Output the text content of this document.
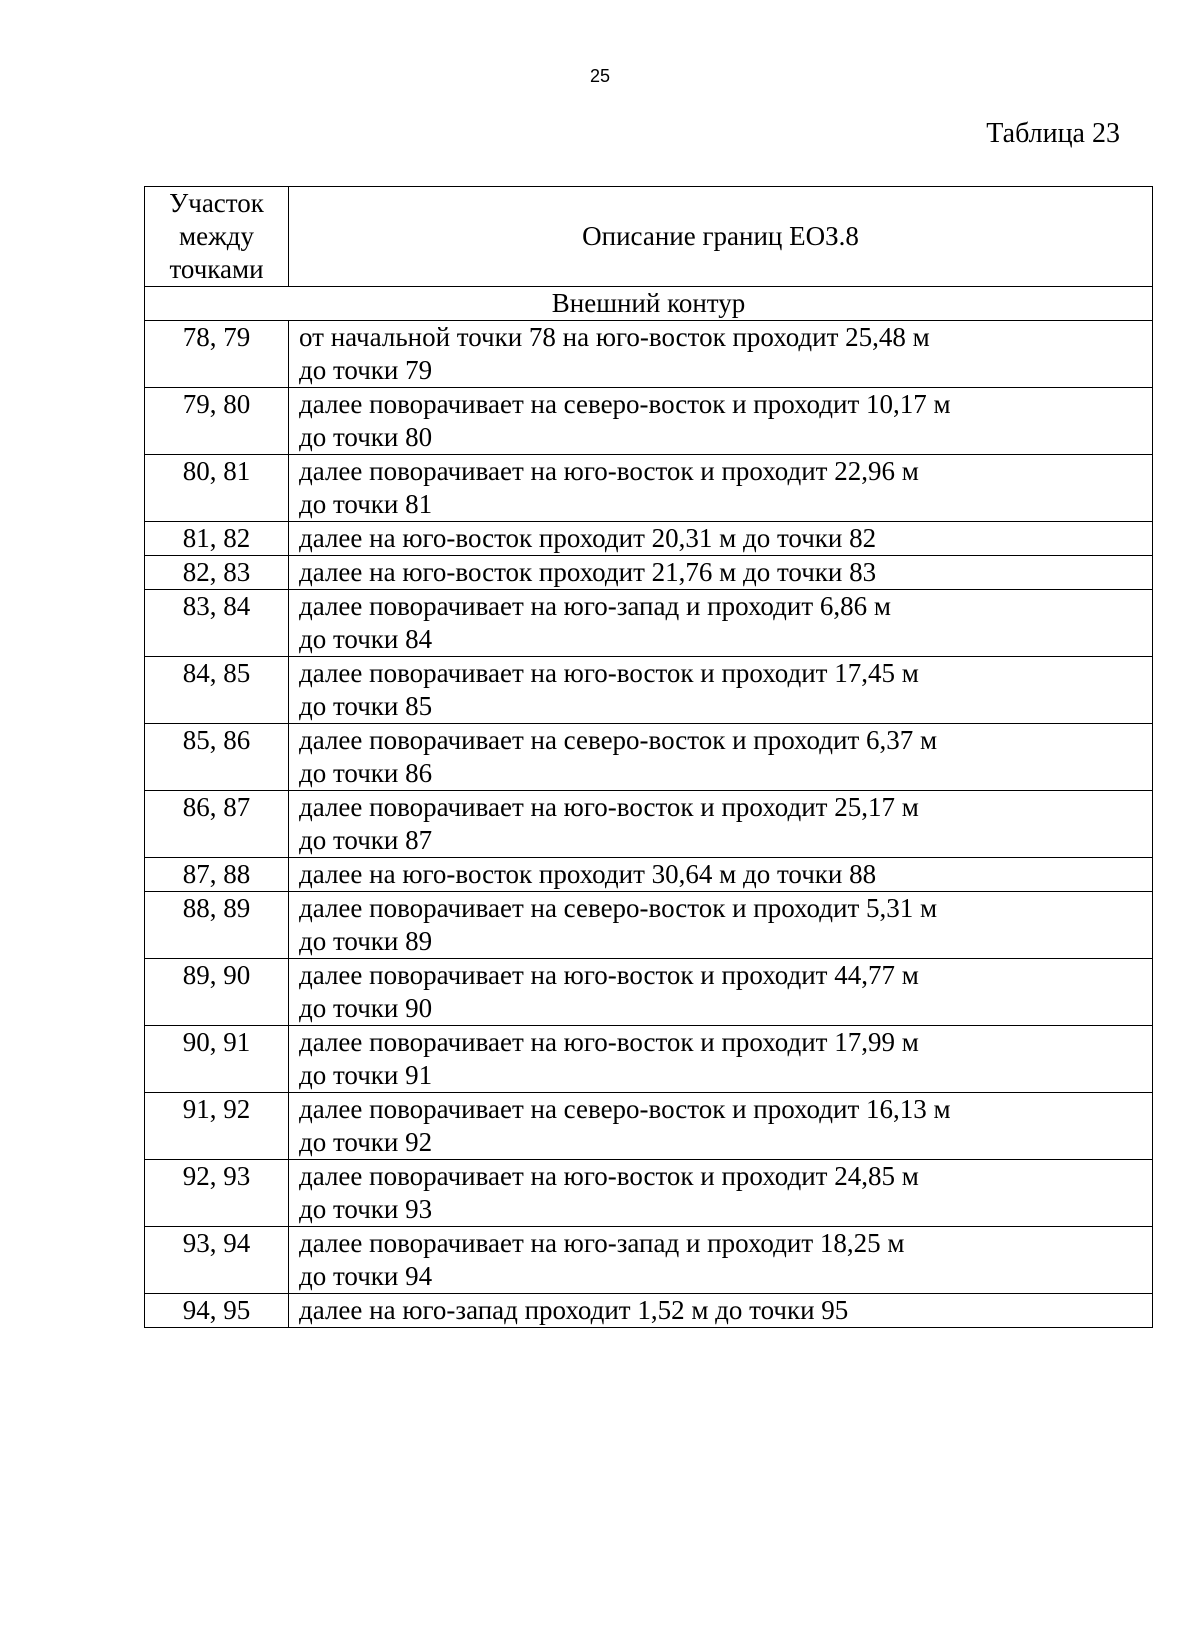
25
Таблица 23
Участок
между
точками	Описание границ ЕОЗ.8
Внешний контур	
78, 79	от начальной точки 78 на юго-восток проходит 25,48 м
до точки 79

79, 80	далее поворачивает на северо-восток и проходит 10,17 м
до точки 80

80, 81	далее поворачивает на юго-восток и проходит 22,96 м
до точки 81

81, 82	далее на юго-восток проходит 20,31 м до точки 82

82, 83	далее на юго-восток проходит 21,76 м до точки 83

83, 84	далее поворачивает на юго-запад и проходит 6,86 м
до точки 84

84, 85	далее поворачивает на юго-восток и проходит 17,45 м
до точки 85

85, 86	далее поворачивает на северо-восток и проходит 6,37 м
до точки 86

86, 87	далее поворачивает на юго-восток и проходит 25,17 м
до точки 87

87, 88	далее на юго-восток проходит 30,64 м до точки 88

88, 89	далее поворачивает на северо-восток и проходит 5,31 м
до точки 89

89, 90	далее поворачивает на юго-восток и проходит 44,77 м
до точки 90

90, 91	далее поворачивает на юго-восток и проходит 17,99 м
до точки 91

91, 92	далее поворачивает на северо-восток и проходит 16,13 м
до точки 92

92, 93	далее поворачивает на юго-восток и проходит 24,85 м
до точки 93

93, 94	далее поворачивает на юго-запад и проходит 18,25 м
до точки 94

94, 95	далее на юго-запад проходит 1,52 м до точки 95
